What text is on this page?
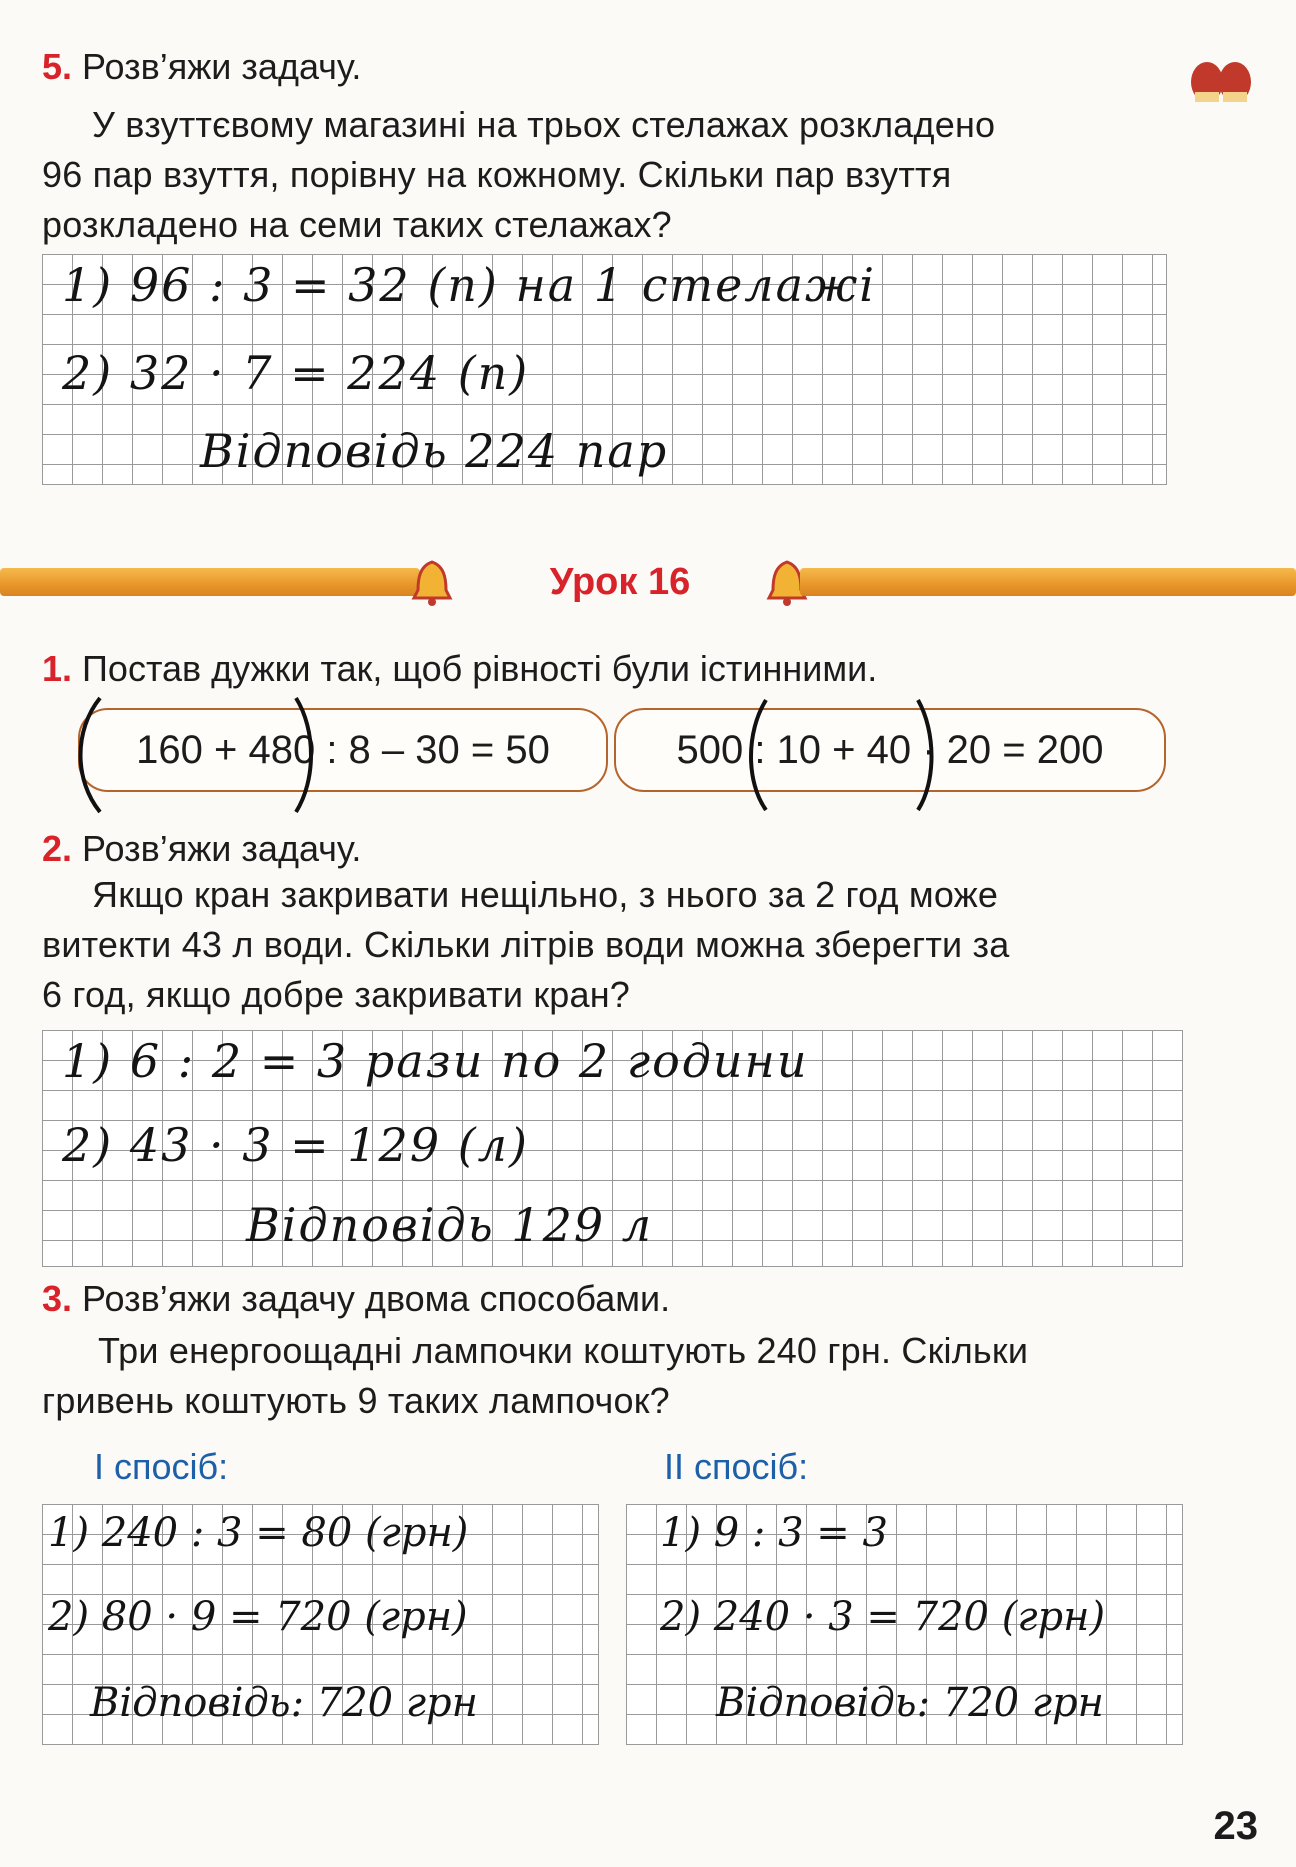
5. Розв’яжи задачу.
У взуттєвому магазині на трьох стелажах розкладено
96 пар взуття, порівну на кожному. Скільки пар взуття
розкладено на семи таких стелажах?
1) 96 : 3 = 32 (п) на 1 стелажі
2) 32 · 7 = 224 (п)
Відповідь 224 пар
Урок 16
1. Постав дужки так, щоб рівності були істинними.
160 + 480 : 8 – 30 = 50	500 : 10 + 40 · 20 = 200
2. Розв’яжи задачу.
Якщо кран закривати нещільно, з нього за 2 год може
витекти 43 л води. Скільки літрів води можна зберегти за
6 год, якщо добре закривати кран?
1) 6 : 2 = 3 рази по 2 години
2) 43 · 3 = 129 (л)
Відповідь 129 л
3. Розв’яжи задачу двома способами.
Три енергоощадні лампочки коштують 240 грн. Скільки
гривень коштують 9 таких лампочок?
І спосіб:	ІІ спосіб:
1) 240 : 3 = 80 (грн)
2) 80 · 9 = 720 (грн)
Відповідь: 720 грн
1) 9 : 3 = 3
2) 240 · 3 = 720 (грн)
Відповідь: 720 грн
23
